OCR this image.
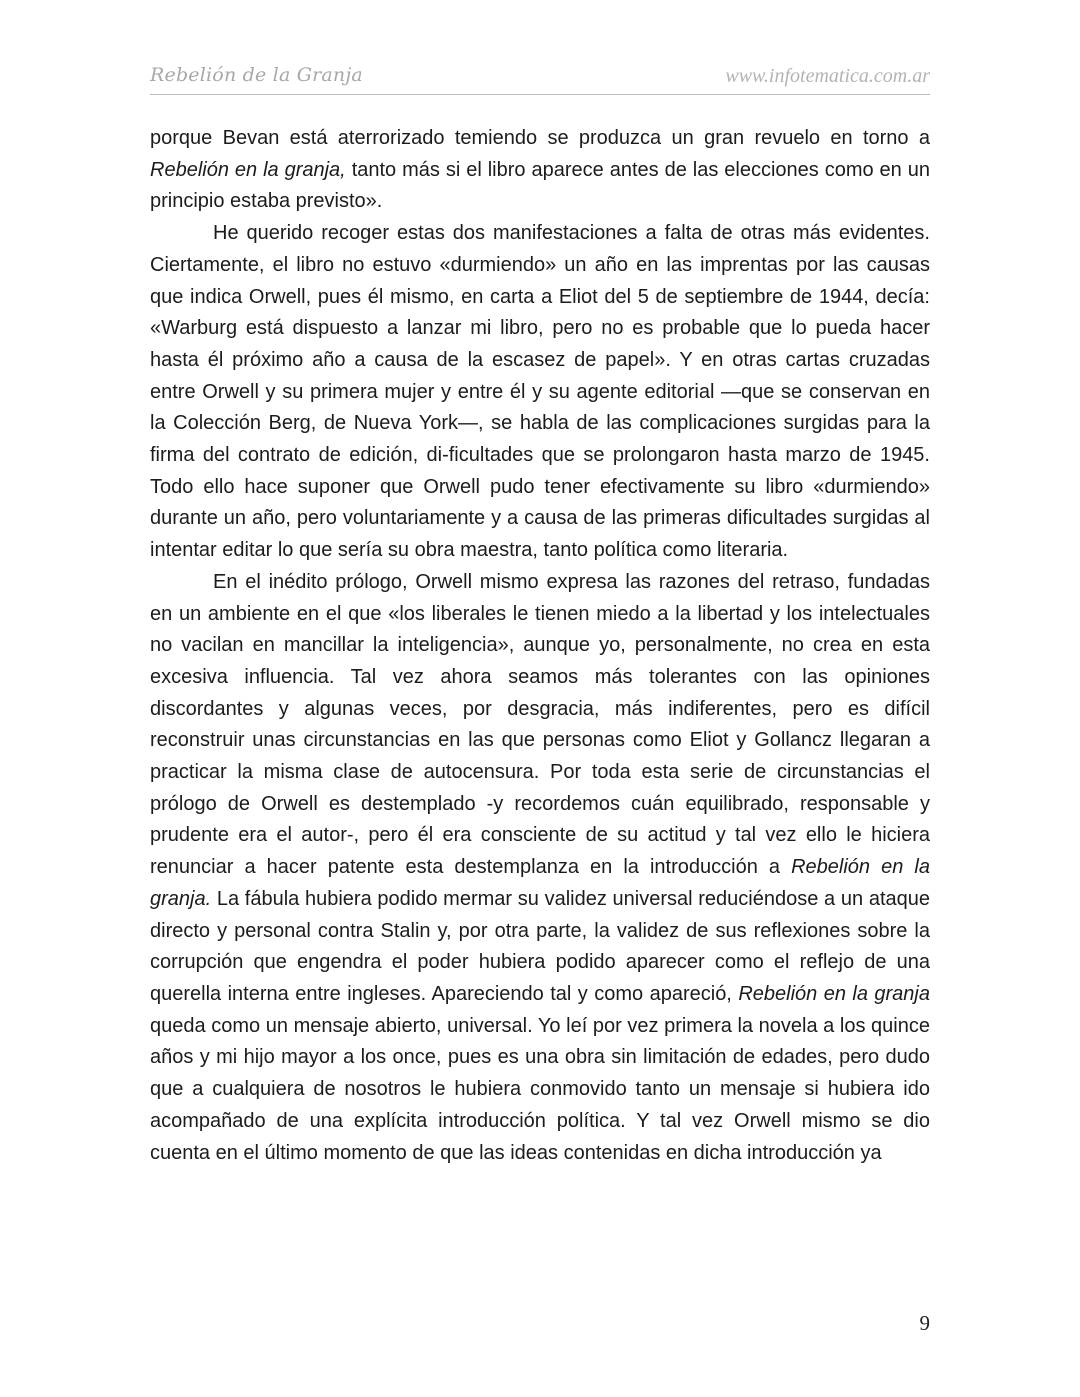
Rebelión de la Granja	www.infotematica.com.ar

porque Bevan está aterrorizado temiendo se produzca un gran revuelo en torno a Rebelión en la granja, tanto más si el libro aparece antes de las elecciones como en un principio estaba previsto».

He querido recoger estas dos manifestaciones a falta de otras más evidentes. Ciertamente, el libro no estuvo «durmiendo» un año en las imprentas por las causas que indica Orwell, pues él mismo, en carta a Eliot del 5 de septiembre de 1944, decía: «Warburg está dispuesto a lanzar mi libro, pero no es probable que lo pueda hacer hasta él próximo año a causa de la escasez de papel». Y en otras cartas cruzadas entre Orwell y su primera mujer y entre él y su agente editorial —que se conservan en la Colección Berg, de Nueva York—, se habla de las complicaciones surgidas para la firma del contrato de edición, di-ficultades que se prolongaron hasta marzo de 1945. Todo ello hace suponer que Orwell pudo tener efectivamente su libro «durmiendo» durante un año, pero voluntariamente y a causa de las primeras dificultades surgidas al intentar editar lo que sería su obra maestra, tanto política como literaria.

En el inédito prólogo, Orwell mismo expresa las razones del retraso, fundadas en un ambiente en el que «los liberales le tienen miedo a la libertad y los intelectuales no vacilan en mancillar la inteligencia», aunque yo, personalmente, no crea en esta excesiva influencia. Tal vez ahora seamos más tolerantes con las opiniones discordantes y algunas veces, por desgracia, más indiferentes, pero es difícil reconstruir unas circunstancias en las que personas como Eliot y Gollancz llegaran a practicar la misma clase de autocensura. Por toda esta serie de circunstancias el prólogo de Orwell es destemplado -y recordemos cuán equilibrado, responsable y prudente era el autor-, pero él era consciente de su actitud y tal vez ello le hiciera renunciar a hacer patente esta destemplanza en la introducción a Rebelión en la granja. La fábula hubiera podido mermar su validez universal reduciéndose a un ataque directo y personal contra Stalin y, por otra parte, la validez de sus reflexiones sobre la corrupción que engendra el poder hubiera podido aparecer como el reflejo de una querella interna entre ingleses. Apareciendo tal y como apareció, Rebelión en la granja queda como un mensaje abierto, universal. Yo leí por vez primera la novela a los quince años y mi hijo mayor a los once, pues es una obra sin limitación de edades, pero dudo que a cualquiera de nosotros le hubiera conmovido tanto un mensaje si hubiera ido acompañado de una explícita introducción política. Y tal vez Orwell mismo se dio cuenta en el último momento de que las ideas contenidas en dicha introducción ya

9
